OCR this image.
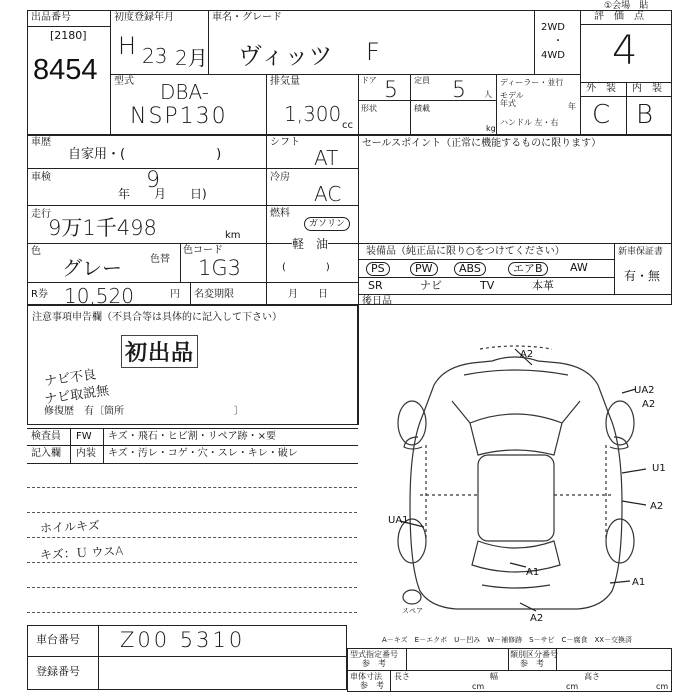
出品番号
[2180]
8454
初度登録年月
H 23 2月
車名・グレード
ヴィッツ F
2WD
・
4WD
評　価　点
4
外　装 内　装
C B
①会場　貼
型式 DBA-
NSP130
排気量
1,300 cc
ドア 5 定員 5 人
形状	積載
kg
ディーラー・並行
モデル
年式	年
ハンドル 左・右
車歴
自家用・(　　　　　　　)
シフト
AT
車検	9
年　　月　　日)
冷房
AC
走行
9万1千498	km
燃料
ガソリン
軽　油
(　　　　)
色
グレー	色替
色コード
1G3
R券 10,520	円 名変期限	月　　日
セールスポイント（正常に機能するものに限ります）
装備品（純正品に限り○をつけてください）	新車保証書
有・無
PS	PW	ABS	エアB	AW
SR	ナビ	TV	本革
後日品
注意事項申告欄（不具合等は具体的に記入して下さい）
初出品
ナビ不良
ナビ取説無
修復歴　有〔箇所　　　　　　　　　　　〕
検査員 FW キズ・飛石・ヒビ割・リペア跡・×要
記入欄 内装 キズ・汚レ・コゲ・穴・スレ・キレ・破レ
ホイルキズ
キズ：Ｕ ウスA
A2
UA2
A2
U1
A2
UA1
A1
A1
A2
スペア
A－キズ　E－エクボ　U－凹み　W－補修跡　S－サビ　C－腐食　XX－交換済
車台番号 Z00 5310
登録番号
型式指定番号
参　考
類別区分番号
参　考
車体寸法
参　考
長さ
cm
幅
cm
高さ
cm
